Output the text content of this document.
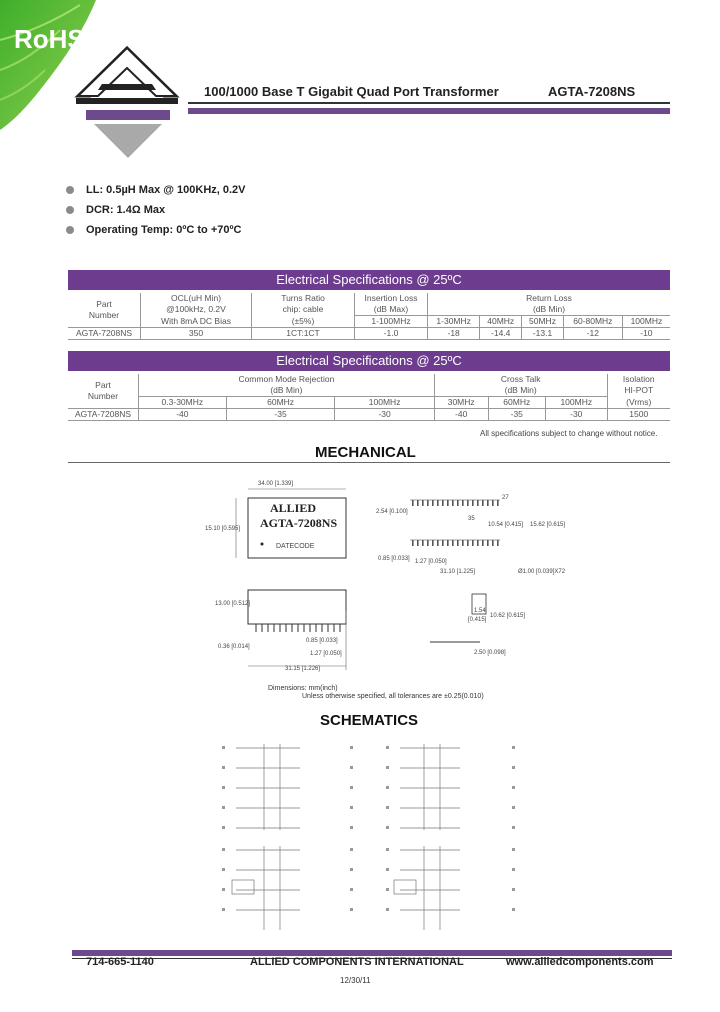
RoHS
100/1000 Base T Gigabit Quad Port Transformer	AGTA-7208NS
LL: 0.5µH Max @ 100KHz, 0.2V
DCR: 1.4Ω Max
Operating Temp: 0ºC to +70ºC
Electrical Specifications @ 25ºC
Part
Number	OCL(uH Min)	Turns Ratio	Insertion Loss	Return Loss				
	@100kHz, 0.2V	chip: cable	(dB Max)	(dB Min)				
	With 8mA DC Bias	(±5%)	1-100MHz	1-30MHz	40MHz	50MHz	60-80MHz	100MHz
AGTA-7208NS	350	1CT:1CT	-1.0	-18	-14.4	-13.1	-12	-10
Electrical Specifications @ 25ºC
Part
Number	Common Mode Rejection			Cross Talk			Isolation
	(dB Min)			(dB Min)			HI-POT
	0.3-30MHz	60MHz	100MHz	30MHz	60MHz	100MHz	(Vrms)
AGTA-7208NS	-40	-35	-30	-40	-35	-30	1500
All specifications subject to change without notice.
MECHANICAL
34.00 [1.339]
15.10 [0.595]
ALLIED
AGTA-7208NS
DATECODE
13.00 [0.512]
0.36 [0.014]
0.85 [0.033]
1.27 [0.050]
31.15 [1.226]
27
35
2.54 [0.100]
10.54 [0.415] 15.62 [0.615]
0.85 [0.033] 1.27 [0.050]
31.10 [1.225]	Ø1.00 [0.039]X72
1.54
[0.415]
10.62 [0.615]
2.50 [0.098]
Dimensions: mm(inch)
Unless otherwise specified, all tolerances are ±0.25(0.010)
SCHEMATICS
714-665-1140	ALLIED COMPONENTS INTERNATIONAL	www.alliedcomponents.com
12/30/11
